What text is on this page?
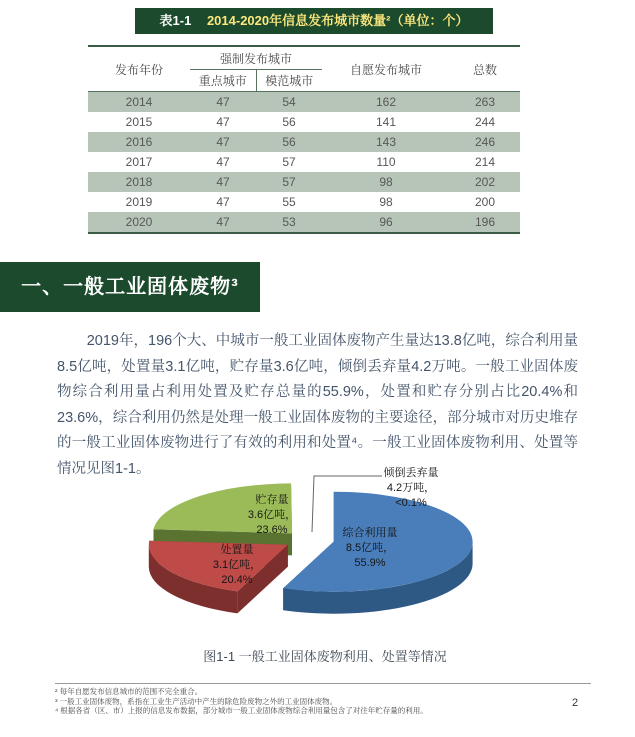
表1-1 2014-2020年信息发布城市数量²（单位：个）
发布年份	强制发布城市		自愿发布城市	总数
	重点城市	模范城市		
2014	47	54	162	263
2015	47	56	141	244
2016	47	56	143	246
2017	47	57	110	214
2018	47	57	98	202
2019	47	55	98	200
2020	47	53	96	196
一、一般工业固体废物³
2019年，196个大、中城市一般工业固体废物产生量达13.8亿吨，综合利用量8.5亿吨，处置量3.1亿吨，贮存量3.6亿吨，倾倒丢弃量4.2万吨。一般工业固体废物综合利用量占利用处置及贮存总量的55.9%，处置和贮存分别占比20.4%和23.6%，综合利用仍然是处理一般工业固体废物的主要途径，部分城市对历史堆存的一般工业固体废物进行了有效的利用和处置⁴。一般工业固体废物利用、处置等情况见图1-1。	倾倒丢弃量
4.2万吨，
<0.1%
贮存量
3.6亿吨，
23.6%
处置量
3.1亿吨，
20.4%
综合利用量
8.5亿吨，
55.9%
图1-1 一般工业固体废物利用、处置等情况
² 每年自愿发布信息城市的范围不完全重合。
³ 一般工业固体废物，系指在工业生产活动中产生的除危险废物之外的工业固体废物。
⁴ 根据各省（区、市）上报的信息发布数据，部分城市一般工业固体废物综合利用量包含了对往年贮存量的利用。
2
